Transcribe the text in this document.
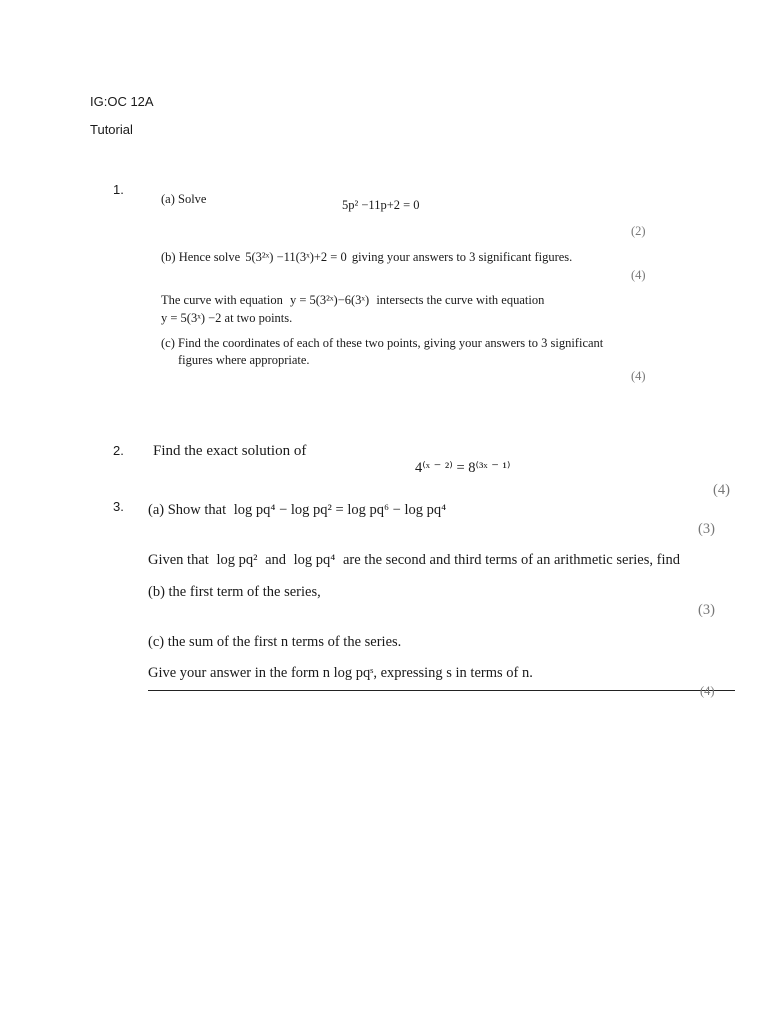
IG:OC 12A
Tutorial
1.
(a) Solve	5p² −11p+2 = 0
(2)
(b) Hence solve 5(3²ˣ) −11(3ˣ)+2 = 0 giving your answers to 3 significant figures.
(4)
The curve with equation y = 5(3²ˣ)−6(3ˣ) intersects the curve with equation
y = 5(3ˣ) −2 at two points.
(c) Find the coordinates of each of these two points, giving your answers to 3 significant
figures where appropriate.
(4)
2. Find the exact solution of
4⁽ˣ ⁻ ²⁾ = 8⁽³ˣ ⁻ ¹⁾
(4)
3. (a) Show that log pq⁴ − log pq² = log pq⁶ − log pq⁴
(3)
Given that log pq² and log pq⁴ are the second and third terms of an arithmetic series, find
(b) the first term of the series,
(3)
(c) the sum of the first n terms of the series.
Give your answer in the form n log pqˢ, expressing s in terms of n.
(4)
